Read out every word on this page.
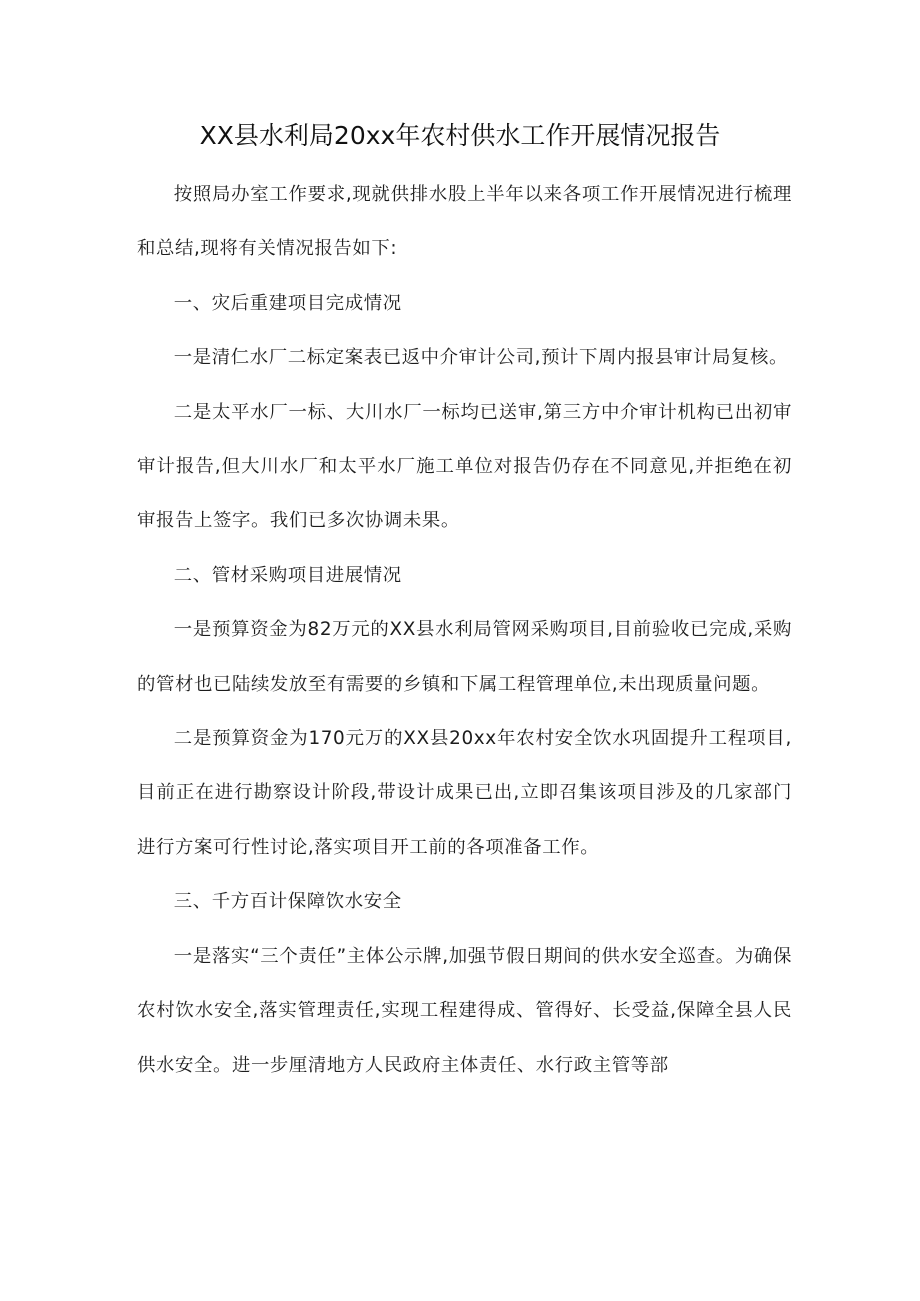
XX县水利局20xx年农村供水工作开展情况报告

按照局办室工作要求,现就供排水股上半年以来各项工作开展情况进行梳理和总结,现将有关情况报告如下:

一、灾后重建项目完成情况

一是清仁水厂二标定案表已返中介审计公司,预计下周内报县审计局复核。

二是太平水厂一标、大川水厂一标均已送审,第三方中介审计机构已出初审审计报告,但大川水厂和太平水厂施工单位对报告仍存在不同意见,并拒绝在初审报告上签字。我们已多次协调未果。

二、管材采购项目进展情况

一是预算资金为82万元的XX县水利局管网采购项目,目前验收已完成,采购的管材也已陆续发放至有需要的乡镇和下属工程管理单位,未出现质量问题。

二是预算资金为170元万的XX县20xx年农村安全饮水巩固提升工程项目,目前正在进行勘察设计阶段,带设计成果已出,立即召集该项目涉及的几家部门进行方案可行性讨论,落实项目开工前的各项准备工作。

三、千方百计保障饮水安全

一是落实“三个责任”主体公示牌,加强节假日期间的供水安全巡查。为确保农村饮水安全,落实管理责任,实现工程建得成、管得好、长受益,保障全县人民供水安全。进一步厘清地方人民政府主体责任、水行政主管等部
